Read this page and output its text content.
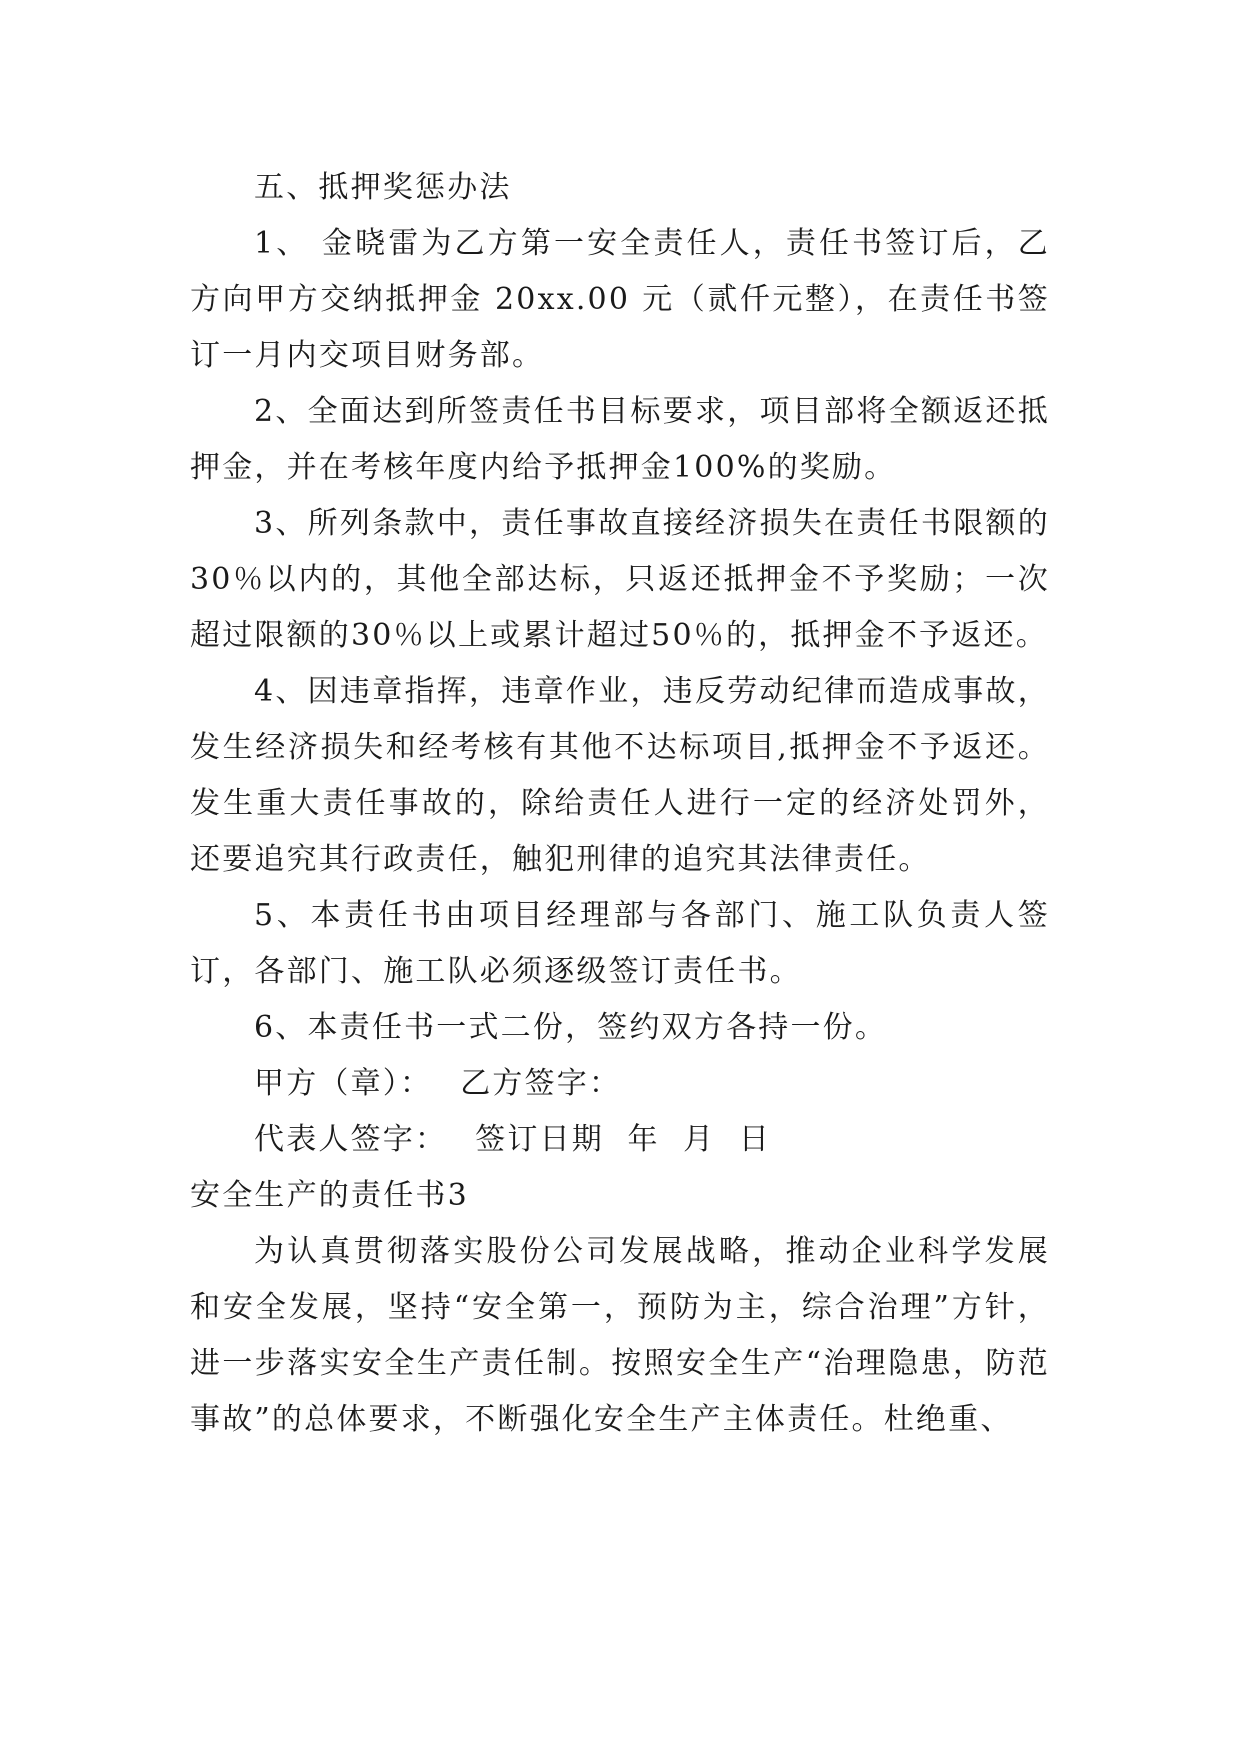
五、抵押奖惩办法

1、 金晓雷为乙方第一安全责任人，责任书签订后，乙方向甲方交纳抵押金 20xx.00 元（贰仟元整），在责任书签订一月内交项目财务部。

2、全面达到所签责任书目标要求，项目部将全额返还抵押金，并在考核年度内给予抵押金100%的奖励。

3、所列条款中，责任事故直接经济损失在责任书限额的30％以内的，其他全部达标，只返还抵押金不予奖励；一次超过限额的30％以上或累计超过50％的，抵押金不予返还。

4、因违章指挥，违章作业，违反劳动纪律而造成事故，发生经济损失和经考核有其他不达标项目,抵押金不予返还。发生重大责任事故的，除给责任人进行一定的经济处罚外，还要追究其行政责任，触犯刑律的追究其法律责任。

5、本责任书由项目经理部与各部门、施工队负责人签订，各部门、施工队必须逐级签订责任书。

6、本责任书一式二份，签约双方各持一份。

甲方（章）： 乙方签字：

代表人签字： 签订日期  年  月  日

安全生产的责任书3

为认真贯彻落实股份公司发展战略，推动企业科学发展和安全发展，坚持“安全第一，预防为主，综合治理”方针，进一步落实安全生产责任制。按照安全生产“治理隐患，防范事故”的总体要求，不断强化安全生产主体责任。杜绝重、
